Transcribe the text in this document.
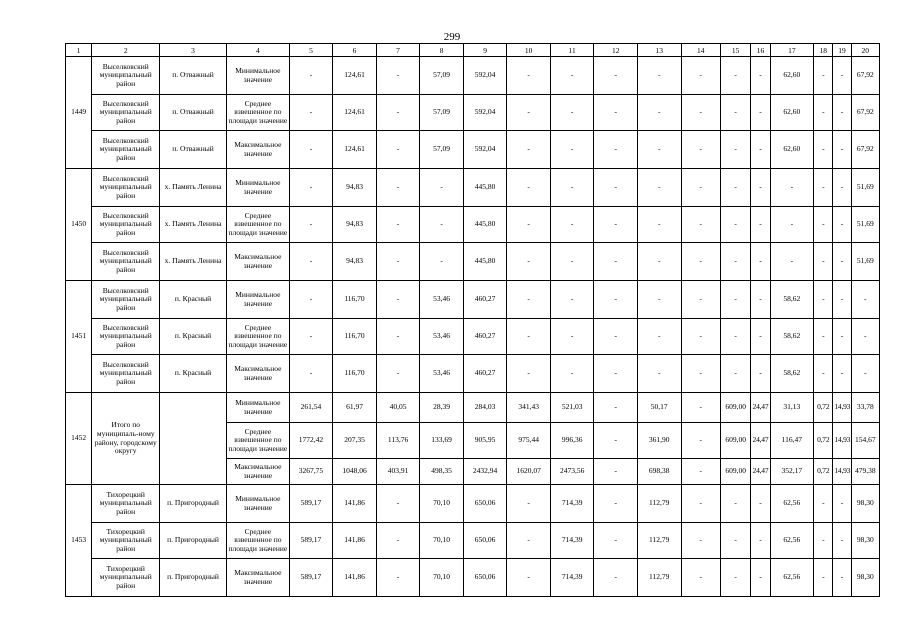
299
1	2	3	4	5	6	7	8	9	10	11	12	13	14	15	16	17	18	19	20
1449	Выселковский муниципальный район	п. Отважный	Минимальное значение	-	124,61	-	57,09	592,04	-	-	-	-	-	-	-	62,60	-	-	67,92
	Выселковский муниципальный район	п. Отважный	Среднее взвешенное по площади значение	-	124,61	-	57,09	592,04	-	-	-	-	-	-	-	62,60	-	-	67,92
	Выселковский муниципальный район	п. Отважный	Максимальное значение	-	124,61	-	57,09	592,04	-	-	-	-	-	-	-	62,60	-	-	67,92
1450	Выселковский муниципальный район	х. Память Ленина	Минимальное значение	-	94,83	-	-	445,80	-	-	-	-	-	-	-	-	-	-	51,69
	Выселковский муниципальный район	х. Память Ленина	Среднее взвешенное по площади значение	-	94,83	-	-	445,80	-	-	-	-	-	-	-	-	-	-	51,69
	Выселковский муниципальный район	х. Память Ленина	Максимальное значение	-	94,83	-	-	445,80	-	-	-	-	-	-	-	-	-	-	51,69
1451	Выселковский муниципальный район	п. Красный	Минимальное значение	-	116,70	-	53,46	460,27	-	-	-	-	-	-	-	58,62	-	-	-
	Выселковский муниципальный район	п. Красный	Среднее взвешенное по площади значение	-	116,70	-	53,46	460,27	-	-	-	-	-	-	-	58,62	-	-	-
	Выселковский муниципальный район	п. Красный	Максимальное значение	-	116,70	-	53,46	460,27	-	-	-	-	-	-	-	58,62	-	-	-
1452	Итого по муниципаль-ному району, городскому округу		Минимальное значение	261,54	61,97	40,05	28,39	284,03	341,43	521,03	-	50,17	-	609,00	24,47	31,13	0,72	14,93	33,78
			Среднее взвешенное по площади значение	1772,42	207,35	113,76	133,69	905,95	975,44	996,36	-	361,90	-	609,00	24,47	116,47	0,72	14,93	154,67
			Максимальное значение	3267,75	1048,06	403,91	498,35	2432,94	1620,07	2473,56	-	698,38	-	609,00	24,47	352,17	0,72	14,93	479,38
1453	Тихорецкий муниципальный район	п. Пригородный	Минимальное значение	589,17	141,86	-	70,10	650,06	-	714,39	-	112,79	-	-	-	62,56	-	-	98,30
	Тихорецкий муниципальный район	п. Пригородный	Среднее взвешенное по площади значение	589,17	141,86	-	70,10	650,06	-	714,39	-	112,79	-	-	-	62,56	-	-	98,30
	Тихорецкий муниципальный район	п. Пригородный	Максимальное значение	589,17	141,86	-	70,10	650,06	-	714,39	-	112,79	-	-	-	62,56	-	-	98,30
